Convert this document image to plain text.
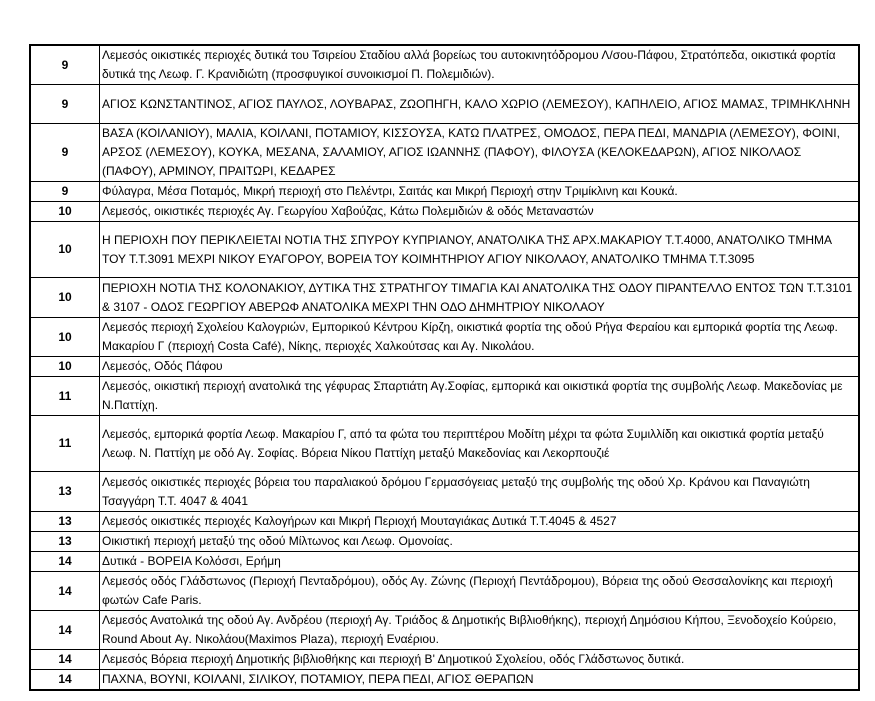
9	Λεμεσός οικιστικές περιοχές δυτικά του Τσιρείου Σταδίου αλλά βορείως του αυτοκινητόδρομου Λ/σου-Πάφου, Στρατόπεδα, οικιστικά φορτία δυτικά της Λεωφ. Γ. Κρανιδιώτη (προσφυγικοί συνοικισμοί Π. Πολεμιδιών).
9	ΑΓΙΟΣ ΚΩΝΣΤΑΝΤΙΝΟΣ, ΑΓΙΟΣ ΠΑΥΛΟΣ, ΛΟΥΒΑΡΑΣ, ΖΩΟΠΗΓΗ, ΚΑΛΟ ΧΩΡΙΟ (ΛΕΜΕΣΟΥ), ΚΑΠΗΛΕΙΟ, ΑΓΙΟΣ ΜΑΜΑΣ, ΤΡΙΜΗΚΛΗΝΗ
9	ΒΑΣΑ (ΚΟΙΛΑΝΙΟΥ), ΜΑΛΙΑ, ΚΟΙΛΑΝΙ, ΠΟΤΑΜΙΟΥ, ΚΙΣΣΟΥΣΑ, ΚΑΤΩ ΠΛΑΤΡΕΣ, ΟΜΟΔΟΣ, ΠΕΡΑ ΠΕΔΙ, ΜΑΝΔΡΙΑ (ΛΕΜΕΣΟΥ), ΦΟΙΝΙ, ΑΡΣΟΣ (ΛΕΜΕΣΟΥ), ΚΟΥΚΑ, ΜΕΣΑΝΑ, ΣΑΛΑΜΙΟΥ, ΑΓΙΟΣ ΙΩΑΝΝΗΣ (ΠΑΦΟΥ), ΦΙΛΟΥΣΑ (ΚΕΛΟΚΕΔΑΡΩΝ), ΑΓΙΟΣ ΝΙΚΟΛΑΟΣ (ΠΑΦΟΥ), ΑΡΜΙΝΟΥ, ΠΡΑΙΤΩΡΙ, ΚΕΔΑΡΕΣ
9	Φύλαγρα, Μέσα Ποταμός, Μικρή περιοχή στο Πελέντρι, Σαιτάς και Μικρή Περιοχή στην Τριμίκλινη και Κουκά.
10	Λεμεσός, οικιστικές περιοχές Αγ. Γεωργίου Χαβούζας, Κάτω Πολεμιδιών & οδός Μεταναστών
10	Η ΠΕΡΙΟΧΗ ΠΟΥ ΠΕΡΙΚΛΕΙΕΤΑΙ ΝΟΤΙΑ ΤΗΣ ΣΠΥΡΟΥ ΚΥΠΡΙΑΝΟΥ, ΑΝΑΤΟΛΙΚΑ ΤΗΣ ΑΡΧ.ΜΑΚΑΡΙΟΥ Τ.Τ.4000, ΑΝΑΤΟΛΙΚΟ ΤΜΗΜΑ ΤΟΥ Τ.Τ.3091 ΜΕΧΡΙ ΝΙΚΟΥ ΕΥΑΓΟΡΟΥ, ΒΟΡΕΙΑ ΤΟΥ ΚΟΙΜΗΤΗΡΙΟΥ ΑΓΙΟΥ ΝΙΚΟΛΑΟΥ, ΑΝΑΤΟΛΙΚΟ ΤΜΗΜΑ Τ.Τ.3095
10	ΠΕΡΙΟΧΗ ΝΟΤΙΑ ΤΗΣ ΚΟΛΟΝΑΚΙΟΥ, ΔΥΤΙΚΑ ΤΗΣ ΣΤΡΑΤΗΓΟΥ ΤΙΜΑΓΙΑ ΚΑΙ ΑΝΑΤΟΛΙΚΑ ΤΗΣ ΟΔΟΥ ΠΙΡΑΝΤΕΛΛΟ ΕΝΤΟΣ ΤΩΝ Τ.Τ.3101 & 3107 - ΟΔΟΣ ΓΕΩΡΓΙΟΥ ΑΒΕΡΩΦ ΑΝΑΤΟΛΙΚΑ ΜΕΧΡΙ ΤΗΝ ΟΔΟ ΔΗΜΗΤΡΙΟΥ ΝΙΚΟΛΑΟΥ
10	Λεμεσός περιοχή Σχολείου Καλογριών, Εμπορικού Κέντρου Κίρζη, οικιστικά φορτία της οδού Ρήγα Φεραίου και εμπορικά φορτία της Λεωφ. Μακαρίου Γ (περιοχή Costa Café), Νίκης, περιοχές Χαλκούτσας και Αγ. Νικολάου.
10	Λεμεσός, Οδός Πάφου
11	Λεμεσός, οικιστική περιοχή ανατολικά της γέφυρας Σπαρτιάτη Αγ.Σοφίας, εμπορικά και οικιστικά φορτία της συμβολής Λεωφ. Μακεδονίας με Ν.Παττίχη.
11	Λεμεσός, εμπορικά φορτία Λεωφ. Μακαρίου Γ, από τα φώτα του περιπτέρου Μοδίτη μέχρι τα φώτα Συμιλλίδη και οικιστικά φορτία μεταξύ Λεωφ. Ν. Παττίχη με οδό Αγ. Σοφίας. Βόρεια Νίκου Παττίχη μεταξύ Μακεδονίας και Λεκορπουζιέ
13	Λεμεσός οικιστικές περιοχές βόρεια του παραλιακού δρόμου Γερμασόγειας μεταξύ της συμβολής της οδού Χρ. Κράνου και Παναγιώτη Τσαγγάρη Τ.Τ. 4047 & 4041
13	Λεμεσός οικιστικές περιοχές Καλογήρων και Μικρή Περιοχή Μουταγιάκας Δυτικά Τ.Τ.4045 & 4527
13	Οικιστική περιοχή μεταξύ της οδού Μίλτωνος και Λεωφ. Ομονοίας.
14	Δυτικά - ΒΟΡΕΙΑ Κολόσσι, Ερήμη
14	Λεμεσός οδός Γλάδστωνος (Περιοχή Πενταδρόμου), οδός Αγ. Ζώνης (Περιοχή Πεντάδρομου), Βόρεια της οδού Θεσσαλονίκης και περιοχή φωτών Cafe Paris.
14	Λεμεσός Ανατολικά της οδού Αγ. Ανδρέου (περιοχή Αγ. Τριάδος & Δημοτικής Βιβλιοθήκης), περιοχή Δημόσιου Κήπου, Ξενοδοχείο Κούρειο, Round About Αγ. Νικολάου(Maximos Plaza), περιοχή Εναέριου.
14	Λεμεσός Βόρεια περιοχή Δημοτικής βιβλιοθήκης και περιοχή Β' Δημοτικού Σχολείου, οδός Γλάδστωνος δυτικά.
14	ΠΑΧΝΑ, ΒΟΥΝΙ, ΚΟΙΛΑΝΙ, ΣΙΛΙΚΟΥ, ΠΟΤΑΜΙΟΥ, ΠΕΡΑ ΠΕΔΙ, ΑΓΙΟΣ ΘΕΡΑΠΩΝ
